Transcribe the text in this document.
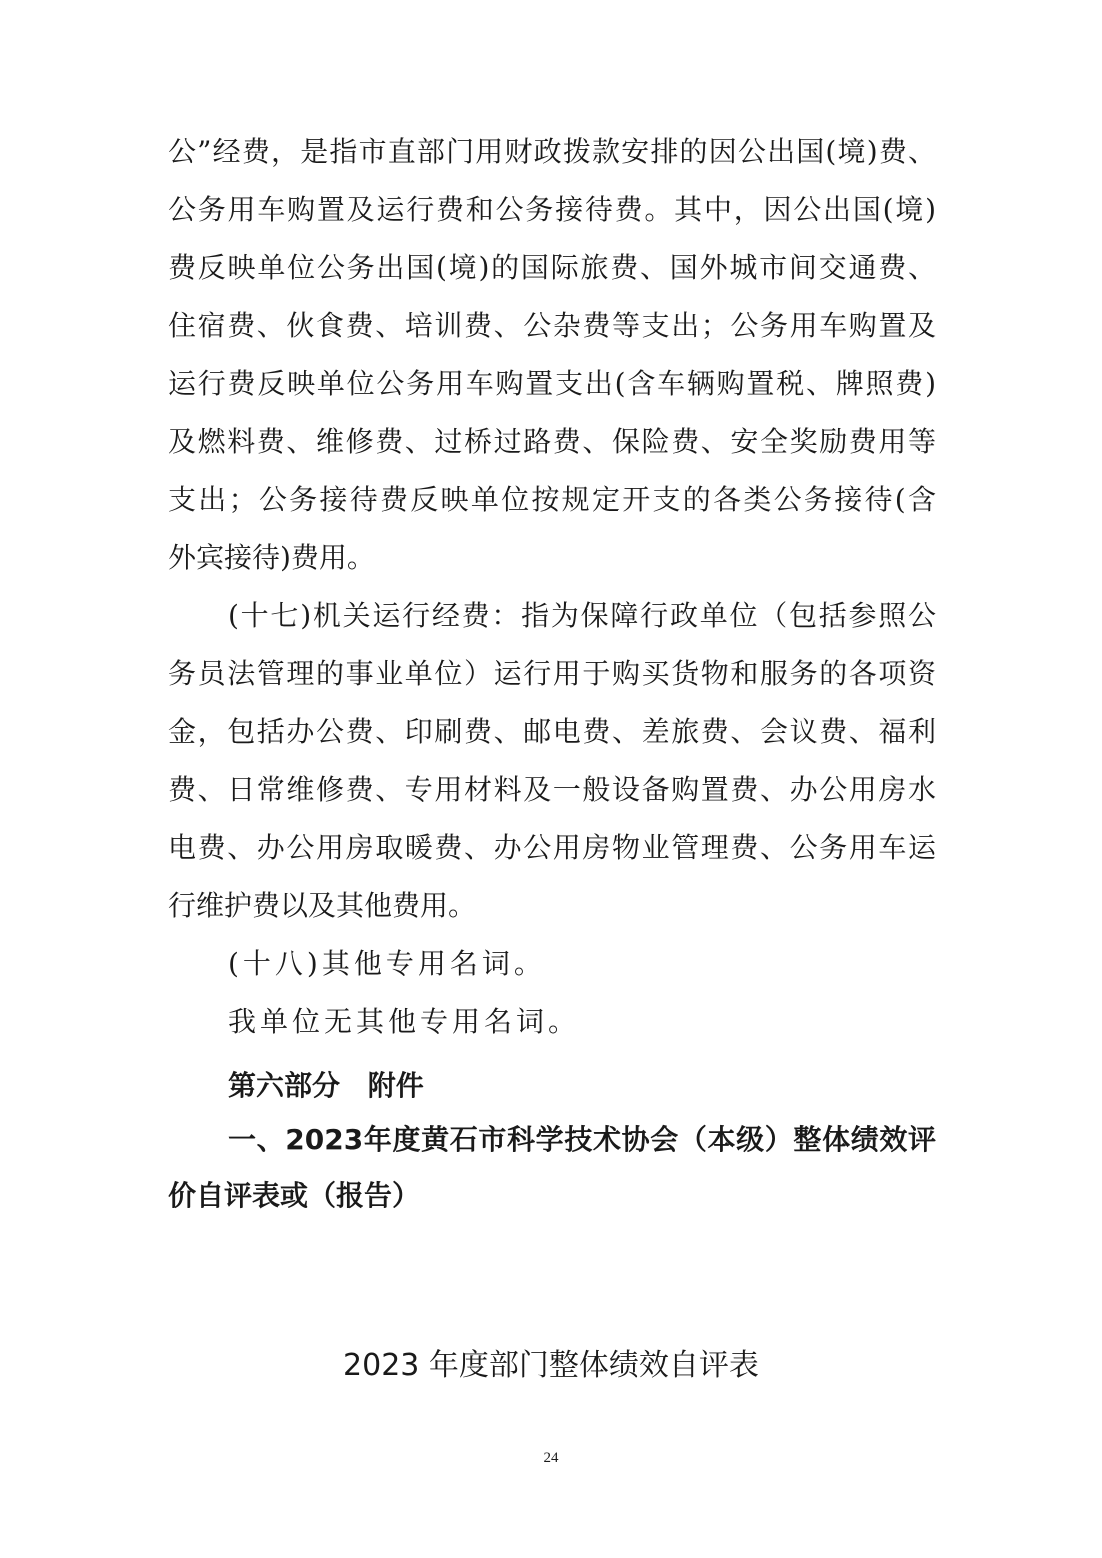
公”经费，是指市直部门用财政拨款安排的因公出国(境)费、
公务用车购置及运行费和公务接待费。其中，因公出国(境)
费反映单位公务出国(境)的国际旅费、国外城市间交通费、
住宿费、伙食费、培训费、公杂费等支出；公务用车购置及
运行费反映单位公务用车购置支出(含车辆购置税、牌照费)
及燃料费、维修费、过桥过路费、保险费、安全奖励费用等
支出；公务接待费反映单位按规定开支的各类公务接待(含
外宾接待)费用。
(十七)机关运行经费：指为保障行政单位（包括参照公
务员法管理的事业单位）运行用于购买货物和服务的各项资
金，包括办公费、印刷费、邮电费、差旅费、会议费、福利
费、日常维修费、专用材料及一般设备购置费、办公用房水
电费、办公用房取暖费、办公用房物业管理费、公务用车运
行维护费以及其他费用。
(十八)其他专用名词。
我单位无其他专用名词。
第六部分 附件
一、2023年度黄石市科学技术协会（本级）整体绩效评
价自评表或（报告）
2023 年度部门整体绩效自评表
24
